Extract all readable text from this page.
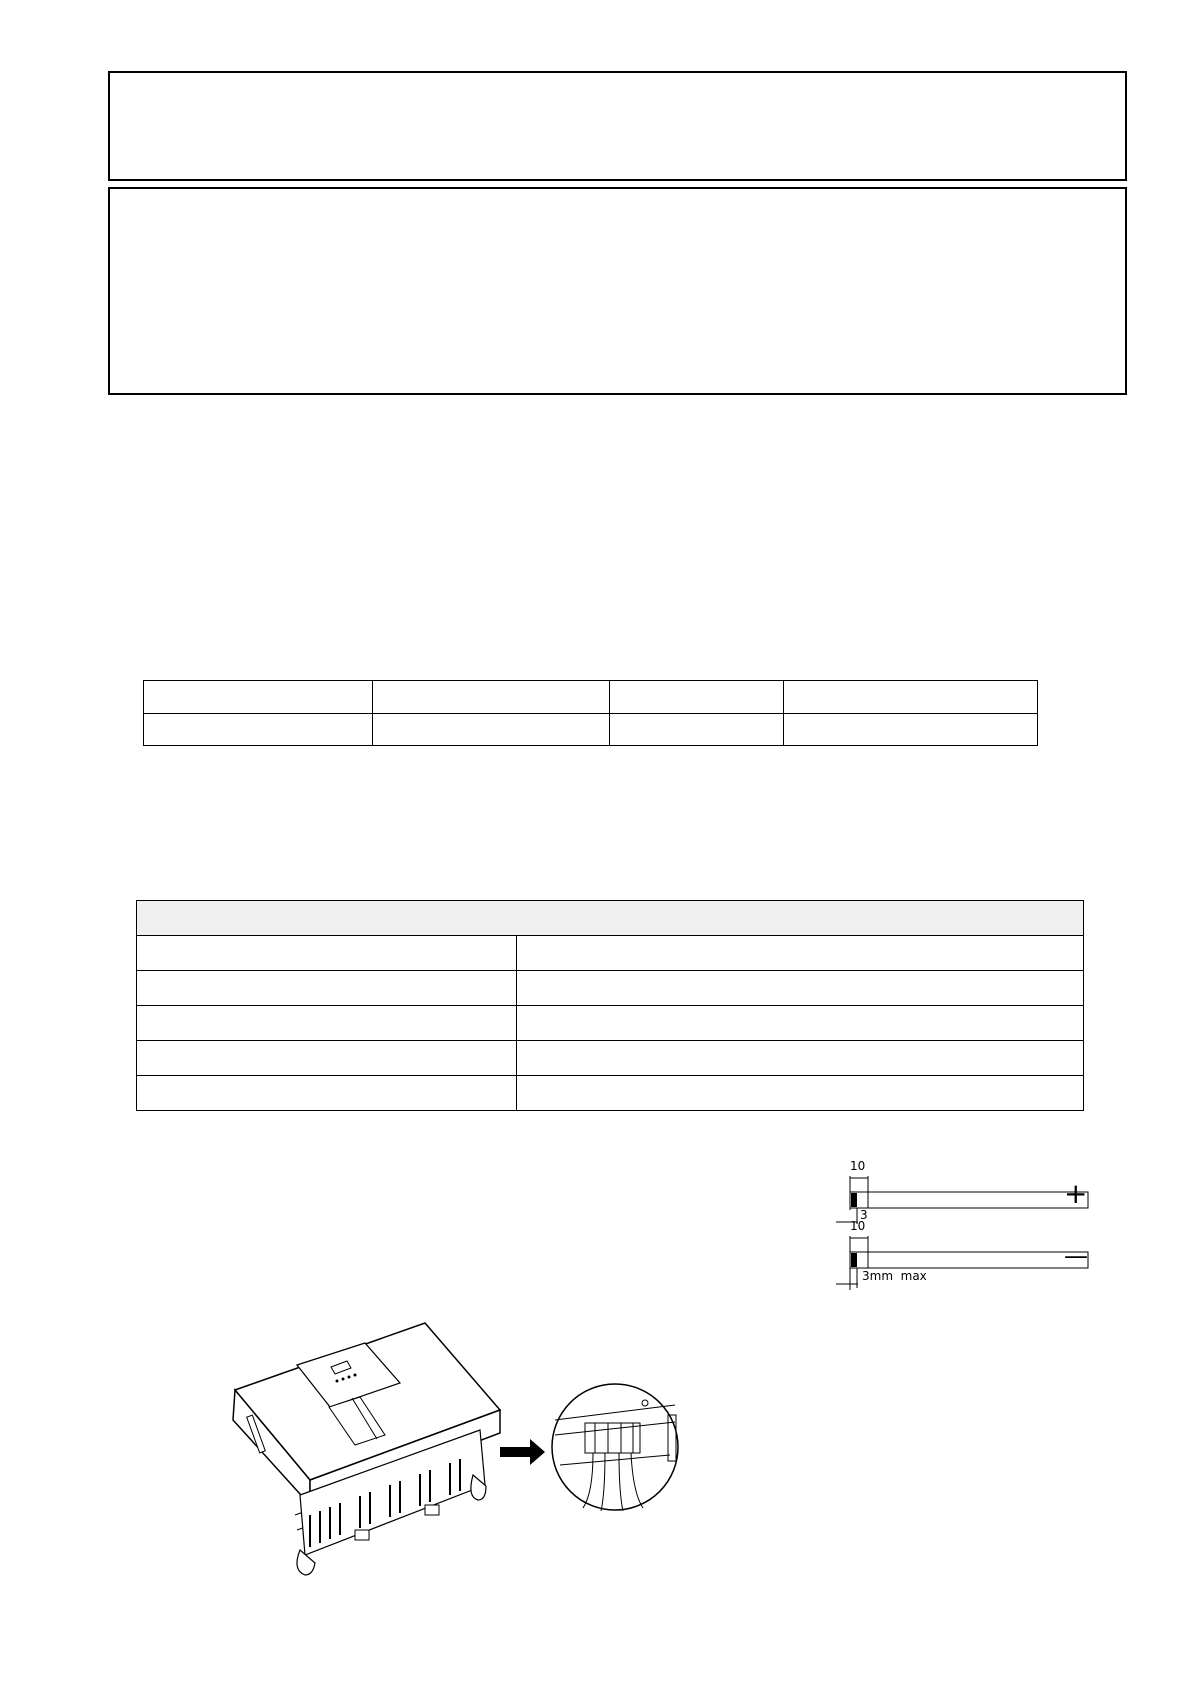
10
3
+
10
3mm  max
—
